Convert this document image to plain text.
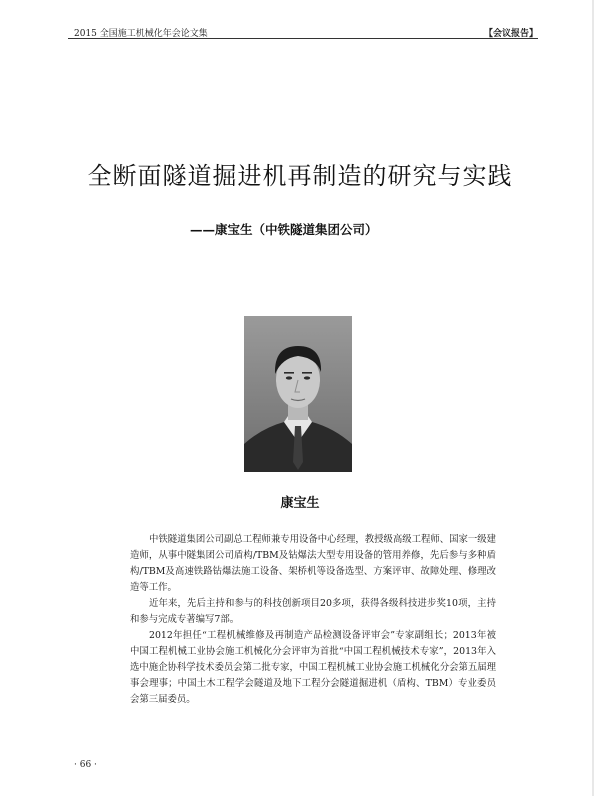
2015 全国施工机械化年会论文集	【会议报告】
全断面隧道掘进机再制造的研究与实践
——康宝生（中铁隧道集团公司）
康宝生

中铁隧道集团公司副总工程师兼专用设备中心经理，教授级高级工程师、国家一级建造师，从事中隧集团公司盾构/TBM及钻爆法大型专用设备的管用养修，先后参与多种盾构/TBM及高速铁路钻爆法施工设备、架桥机等设备选型、方案评审、故障处理、修理改造等工作。

近年来，先后主持和参与的科技创新项目20多项，获得各级科技进步奖10项，主持和参与完成专著编写7部。

2012年担任“工程机械维修及再制造产品检测设备评审会”专家副组长；2013年被中国工程机械工业协会施工机械化分会评审为首批“中国工程机械技术专家”，2013年入选中施企协科学技术委员会第二批专家，中国工程机械工业协会施工机械化分会第五届理事会理事；中国土木工程学会隧道及地下工程分会隧道掘进机（盾构、TBM）专业委员会第三届委员。

· 66 ·
